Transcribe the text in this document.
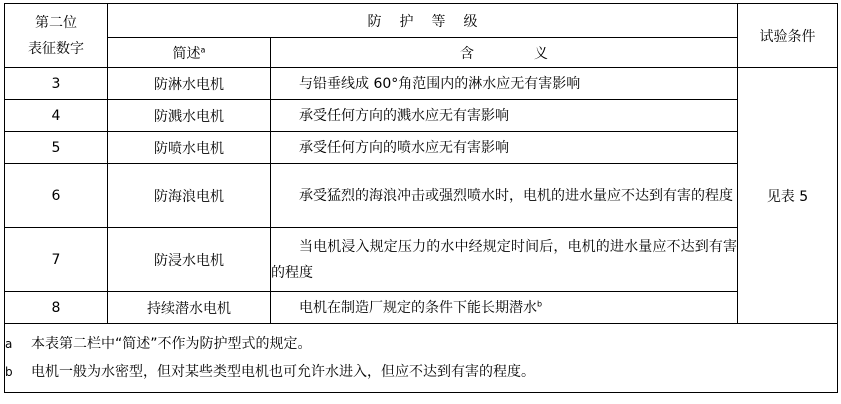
第二位
表征数字	防护等级		试验条件
	简述$^a$	含义	
3	防淋水电机	与铅垂线成 60°角范围内的淋水应无有害影响	见表 5
4	防溅水电机	承受任何方向的溅水应无有害影响	
5	防喷水电机	承受任何方向的喷水应无有害影响	
6	防海浪电机	承受猛烈的海浪冲击或强烈喷水时，电机的进水量应不达到有害的程度	

7	防浸水电机	当电机浸入规定压力的水中经规定时间后，电机的进水量应不达到有害的程度	

8	持续潜水电机	电机在制造厂规定的条件下能长期潜水$^b$

a 本表第二栏中“简述”不作为防护型式的规定。
b 电机一般为水密型，但对某些类型电机也可允许水进入，但应不达到有害的程度。			
